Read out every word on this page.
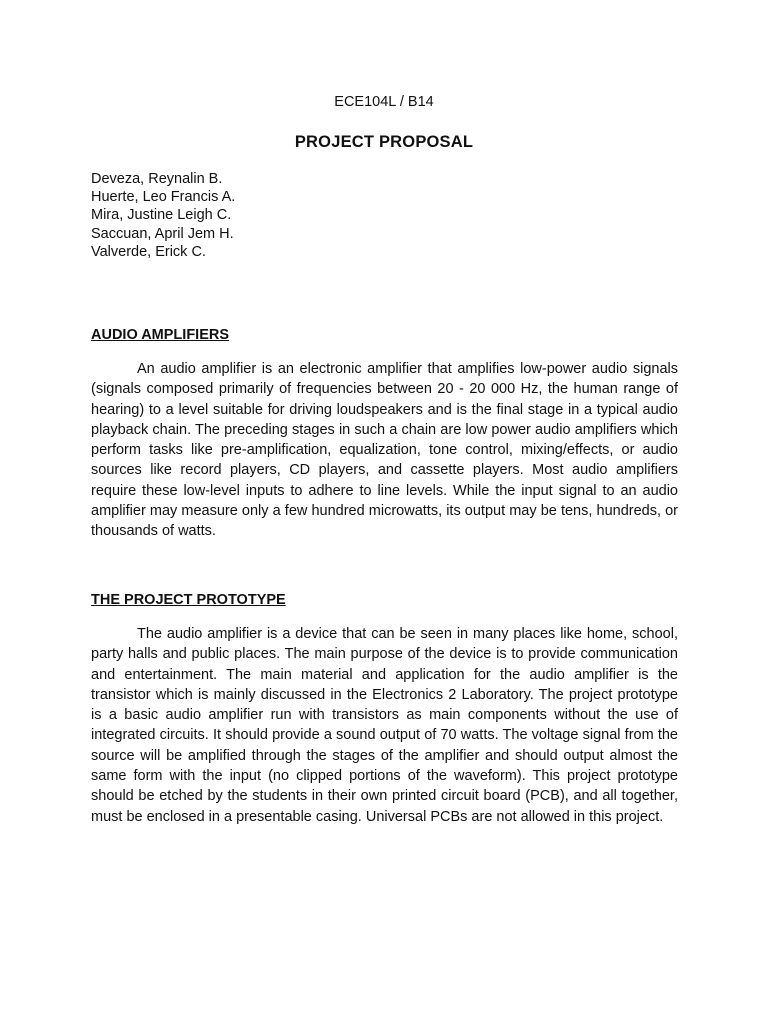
ECE104L / B14
PROJECT PROPOSAL
Deveza, Reynalin B.
Huerte, Leo Francis A.
Mira, Justine Leigh C.
Saccuan, April Jem H.
Valverde, Erick C.
AUDIO AMPLIFIERS

An audio amplifier is an electronic amplifier that amplifies low-power audio signals (signals composed primarily of frequencies between 20 - 20 000 Hz, the human range of hearing) to a level suitable for driving loudspeakers and is the final stage in a typical audio playback chain. The preceding stages in such a chain are low power audio amplifiers which perform tasks like pre-amplification, equalization, tone control, mixing/effects, or audio sources like record players, CD players, and cassette players. Most audio amplifiers require these low-level inputs to adhere to line levels. While the input signal to an audio amplifier may measure only a few hundred microwatts, its output may be tens, hundreds, or thousands of watts.

THE PROJECT PROTOTYPE

The audio amplifier is a device that can be seen in many places like home, school, party halls and public places. The main purpose of the device is to provide communication and entertainment. The main material and application for the audio amplifier is the transistor which is mainly discussed in the Electronics 2 Laboratory. The project prototype is a basic audio amplifier run with transistors as main components without the use of integrated circuits. It should provide a sound output of 70 watts. The voltage signal from the source will be amplified through the stages of the amplifier and should output almost the same form with the input (no clipped portions of the waveform). This project prototype should be etched by the students in their own printed circuit board (PCB), and all together, must be enclosed in a presentable casing. Universal PCBs are not allowed in this project.
